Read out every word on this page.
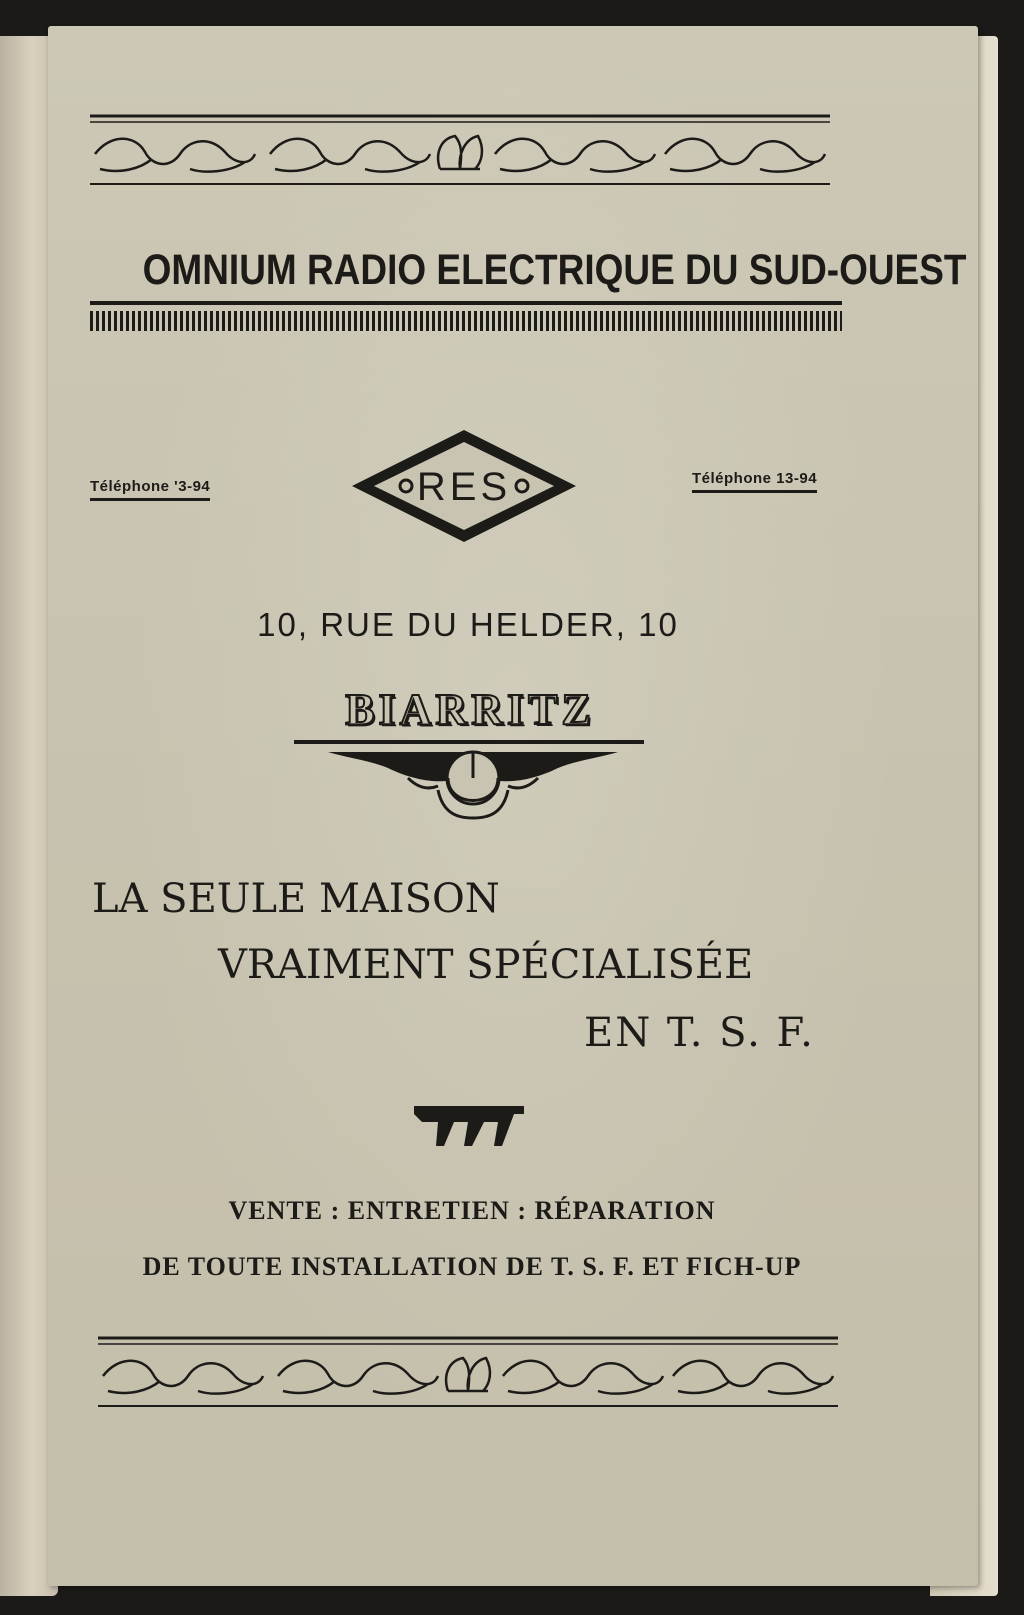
OMNIUM RADIO ELECTRIQUE DU SUD-OUEST
Téléphone '3-94	Téléphone 13-94
RES
10, RUE DU HELDER, 10
BIARRITZ
LA SEULE MAISON
VRAIMENT SPÉCIALISÉE
EN T. S. F.
VENTE : ENTRETIEN : RÉPARATION
DE TOUTE INSTALLATION DE T. S. F. ET FICH-UP
